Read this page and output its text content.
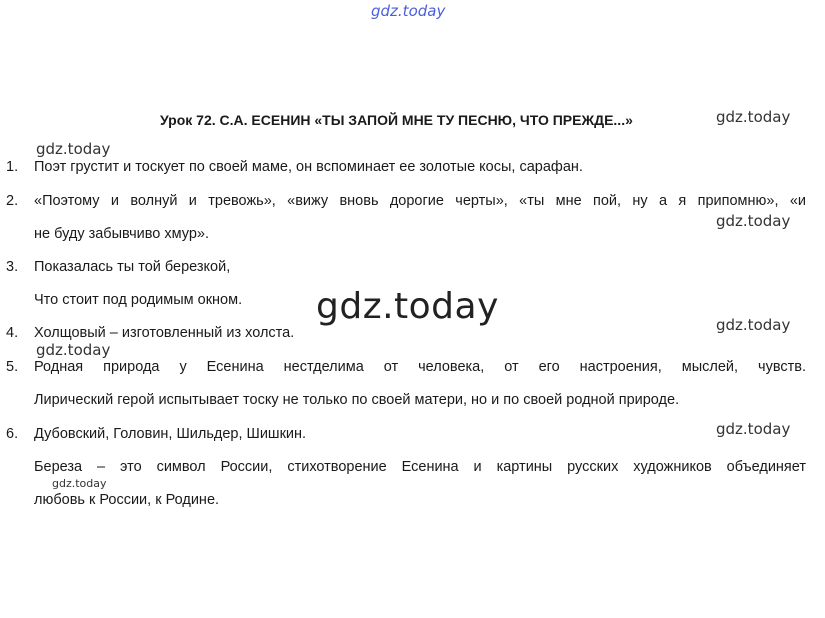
gdz.today
Урок 72. С.А. ЕСЕНИН «ТЫ ЗАПОЙ МНЕ ТУ ПЕСНЮ, ЧТО ПРЕЖДЕ...»	gdz.today
gdz.today
1. Поэт грустит и тоскует по своей маме, он вспоминает ее золотые косы, сарафан.
2. «Поэтому и волнуй и тревожь», «вижу вновь дорогие черты», «ты мне пой, ну а я припомню», «и
gdz.today
не буду забывчиво хмур».
3. Показалась ты той березкой,
Что стоит под родимым окном.
4. Холщовый – изготовленный из холста.	gdz.today
gdz.today
5. Родная природа у Есенина нестделима от человека, от его настроения, мыслей, чувств.
Лирический герой испытывает тоску не только по своей матери, но и по своей родной природе.
6. Дубовский, Головин, Шильдер, Шишкин.	gdz.today
Береза – это символ России, стихотворение Есенина и картины русских художников объединяет
gdz.today
любовь к России, к Родине.
gdz.today
